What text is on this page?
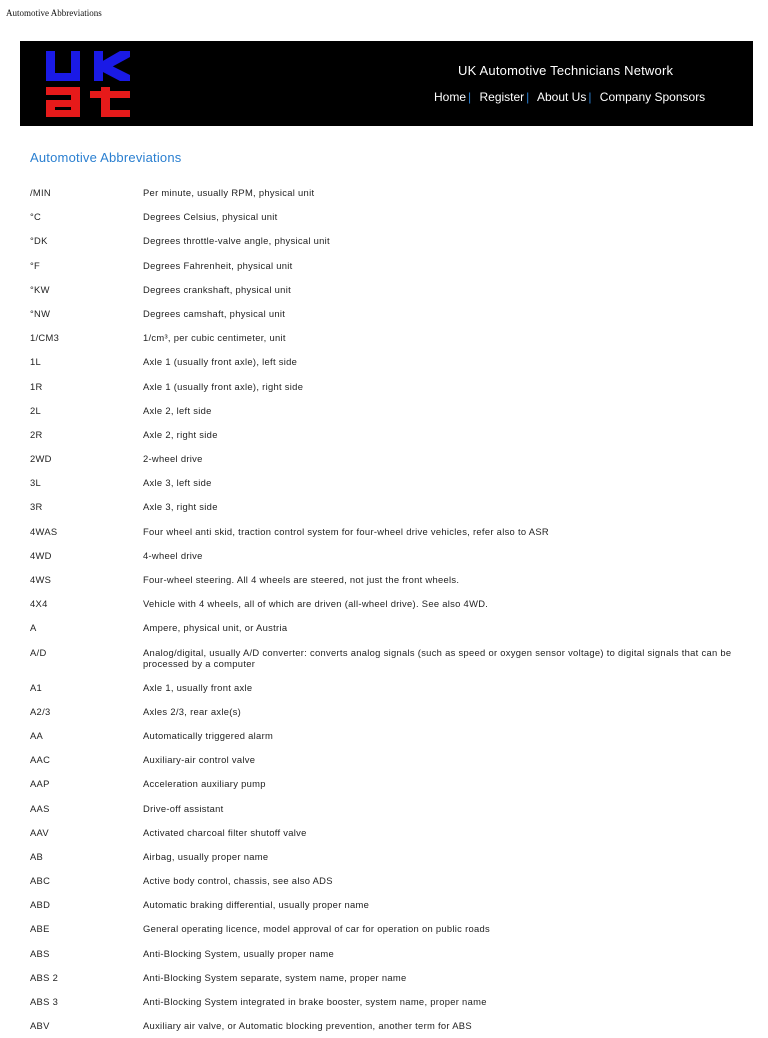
Automotive Abbreviations
UK Automotive Technicians Network
Home | Register | About Us | Company Sponsors
Automotive Abbreviations
/MIN	Per minute, usually RPM, physical unit
°C	Degrees Celsius, physical unit
°DK	Degrees throttle-valve angle, physical unit
°F	Degrees Fahrenheit, physical unit
°KW	Degrees crankshaft, physical unit
°NW	Degrees camshaft, physical unit
1/CM3	1/cm³, per cubic centimeter, unit
1L	Axle 1 (usually front axle), left side
1R	Axle 1 (usually front axle), right side
2L	Axle 2, left side
2R	Axle 2, right side
2WD	2-wheel drive
3L	Axle 3, left side
3R	Axle 3, right side
4WAS	Four wheel anti skid, traction control system for four-wheel drive vehicles, refer also to ASR
4WD	4-wheel drive
4WS	Four-wheel steering. All 4 wheels are steered, not just the front wheels.
4X4	Vehicle with 4 wheels, all of which are driven (all-wheel drive). See also 4WD.
A	Ampere, physical unit, or Austria
A/D	Analog/digital, usually A/D converter: converts analog signals (such as speed or oxygen sensor voltage) to digital signals that can be processed by a computer
A1	Axle 1, usually front axle
A2/3	Axles 2/3, rear axle(s)
AA	Automatically triggered alarm
AAC	Auxiliary-air control valve
AAP	Acceleration auxiliary pump
AAS	Drive-off assistant
AAV	Activated charcoal filter shutoff valve
AB	Airbag, usually proper name
ABC	Active body control, chassis, see also ADS
ABD	Automatic braking differential, usually proper name
ABE	General operating licence, model approval of car for operation on public roads
ABS	Anti-Blocking System, usually proper name
ABS 2	Anti-Blocking System separate, system name, proper name
ABS 3	Anti-Blocking System integrated in brake booster, system name, proper name
ABV	Auxiliary air valve, or Automatic blocking prevention, another term for ABS
